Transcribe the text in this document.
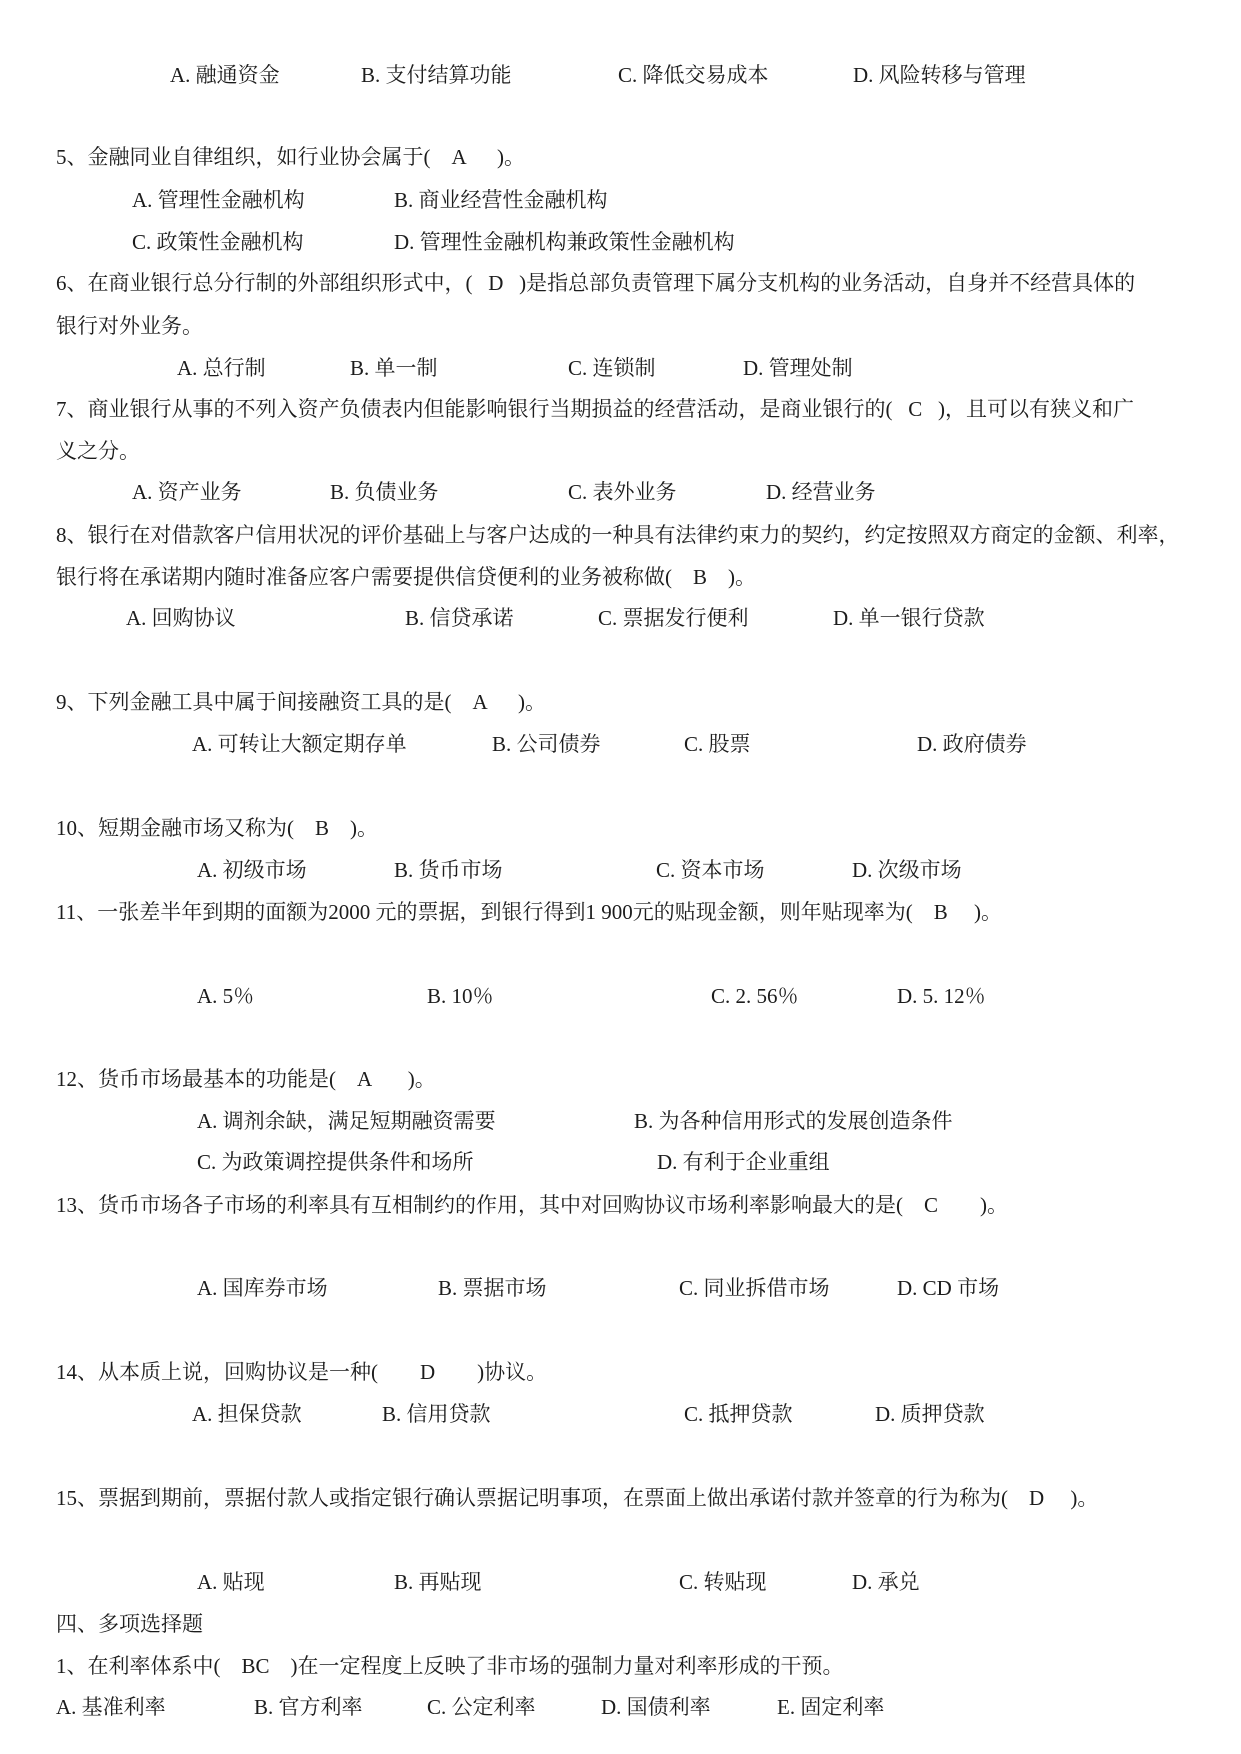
A. 融通资金	B. 支付结算功能	C. 降低交易成本	D. 风险转移与管理

5、金融同业自律组织，如行业协会属于(    A      )。

A. 管理性金融机构	B. 商业经营性金融机构
C. 政策性金融机构	D. 管理性金融机构兼政策性金融机构

6、在商业银行总分行制的外部组织形式中，(   D   )是指总部负责管理下属分支机构的业务活动，自身并不经营具体的

银行对外业务。

A. 总行制	B. 单一制	C. 连锁制	D. 管理处制

7、商业银行从事的不列入资产负债表内但能影响银行当期损益的经营活动，是商业银行的(   C   )，且可以有狭义和广

义之分。

A. 资产业务	B. 负债业务	C. 表外业务	D. 经营业务

8、银行在对借款客户信用状况的评价基础上与客户达成的一种具有法律约束力的契约，约定按照双方商定的金额、利率，

银行将在承诺期内随时准备应客户需要提供信贷便利的业务被称做(    B    )。

A. 回购协议	B. 信贷承诺	C. 票据发行便利	D. 单一银行贷款

9、下列金融工具中属于间接融资工具的是(    A      )。

A. 可转让大额定期存单	B. 公司债券	C. 股票	D. 政府债券

10、短期金融市场又称为(    B    )。

A. 初级市场	B. 货币市场	C. 资本市场	D. 次级市场

11、一张差半年到期的面额为2000 元的票据，到银行得到1 900元的贴现金额，则年贴现率为(    B     )。

A. 5％	B. 10％	C. 2. 56％	D. 5. 12％

12、货币市场最基本的功能是(    A       )。

A. 调剂余缺，满足短期融资需要	B. 为各种信用形式的发展创造条件
C. 为政策调控提供条件和场所	D. 有利于企业重组

13、货币市场各子市场的利率具有互相制约的作用，其中对回购协议市场利率影响最大的是(    C        )。

A. 国库券市场	B. 票据市场	C. 同业拆借市场	D. CD 市场

14、从本质上说，回购协议是一种(        D        )协议。

A. 担保贷款	B. 信用贷款	C. 抵押贷款	D. 质押贷款

15、票据到期前，票据付款人或指定银行确认票据记明事项，在票面上做出承诺付款并签章的行为称为(    D     )。

A. 贴现	B. 再贴现	C. 转贴现	D. 承兑
四、多项选择题

1、在利率体系中(    BC    )在一定程度上反映了非市场的强制力量对利率形成的干预。

A. 基准利率	B. 官方利率	C. 公定利率	D. 国债利率	E. 固定利率
